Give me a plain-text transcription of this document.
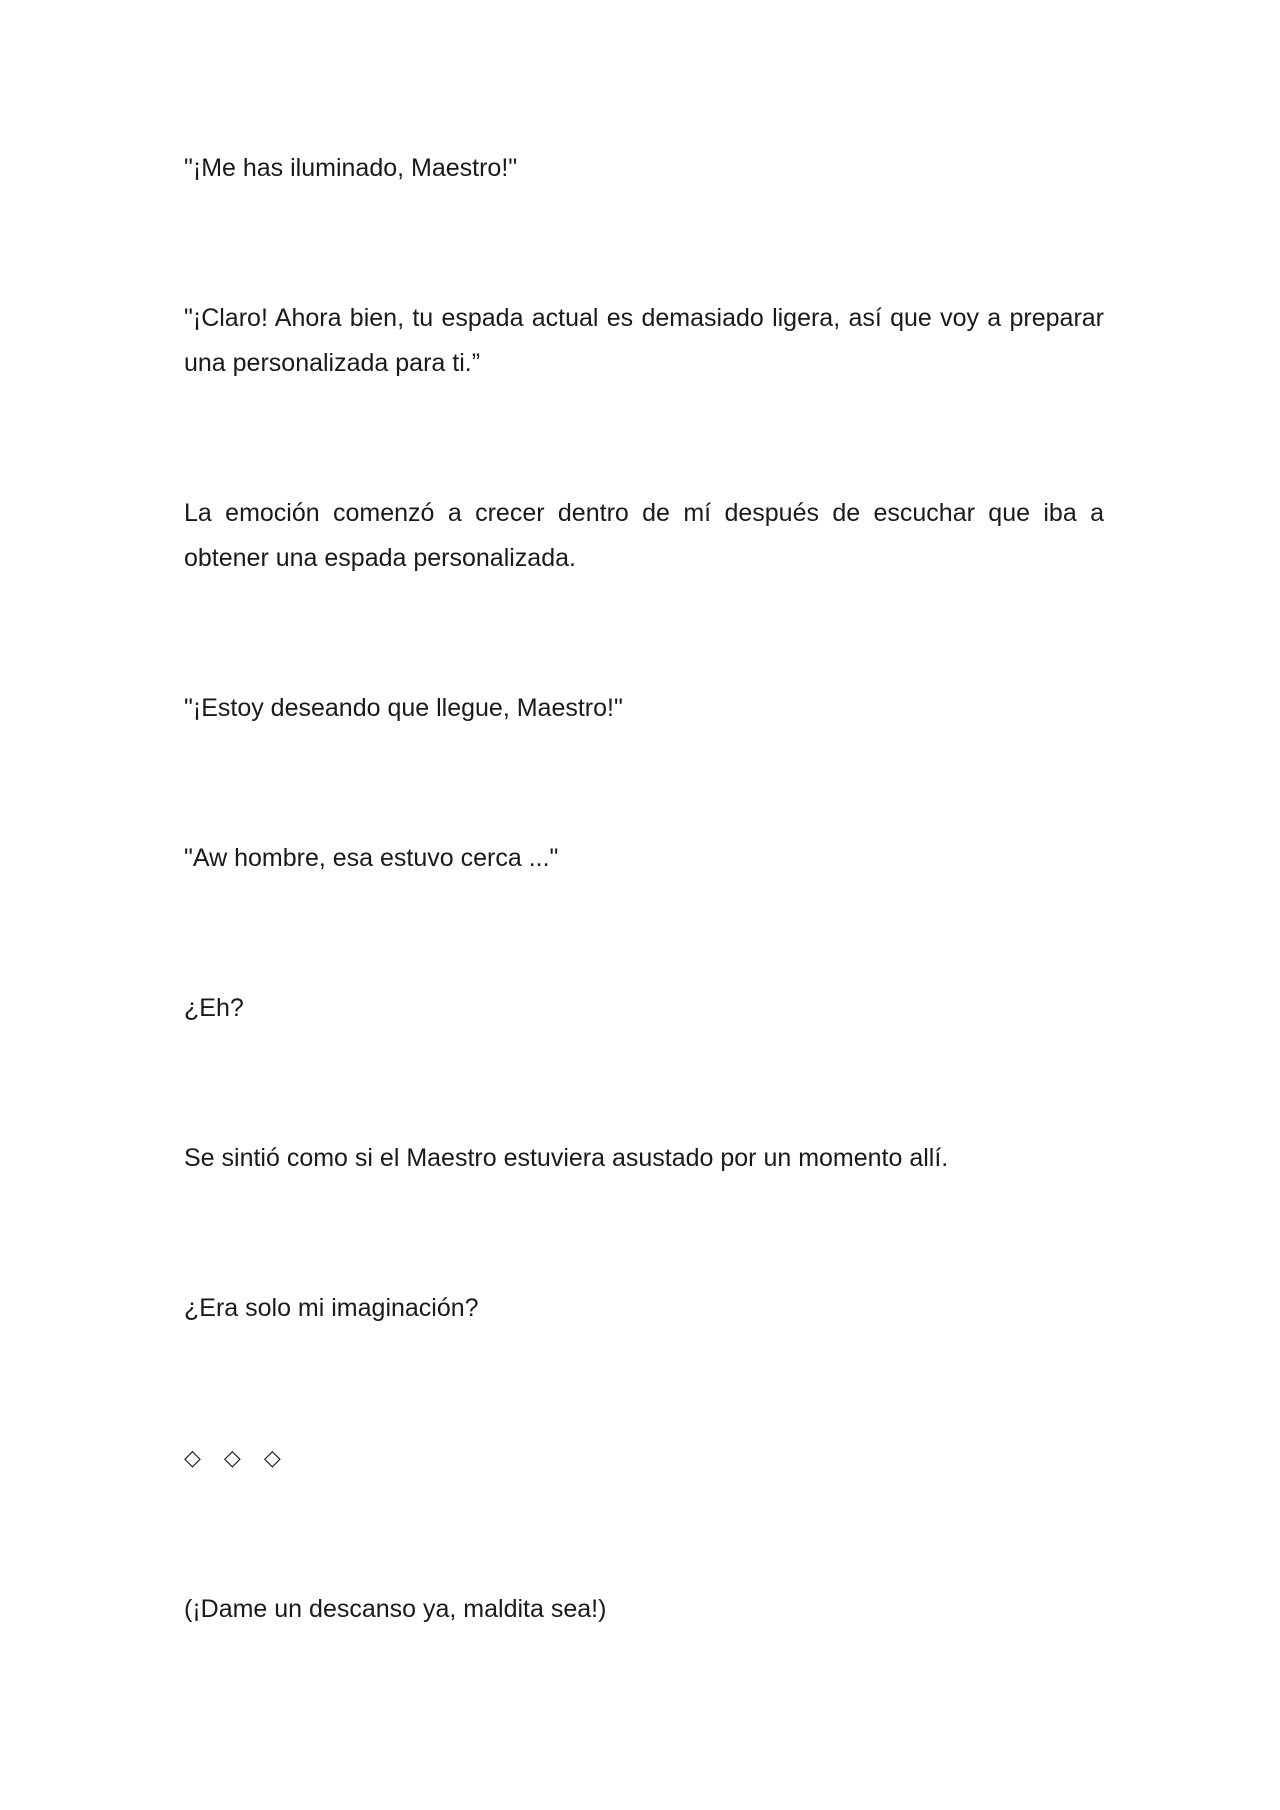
"¡Me has iluminado, Maestro!"

"¡Claro! Ahora bien, tu espada actual es demasiado ligera, así que voy a preparar una personalizada para ti.”

La emoción comenzó a crecer dentro de mí después de escuchar que iba a obtener una espada personalizada.

"¡Estoy deseando que llegue, Maestro!"

"Aw hombre, esa estuvo cerca ..."

¿Eh?

Se sintió como si el Maestro estuviera asustado por un momento allí.

¿Era solo mi imaginación?

◇ ◇ ◇

(¡Dame un descanso ya, maldita sea!)
